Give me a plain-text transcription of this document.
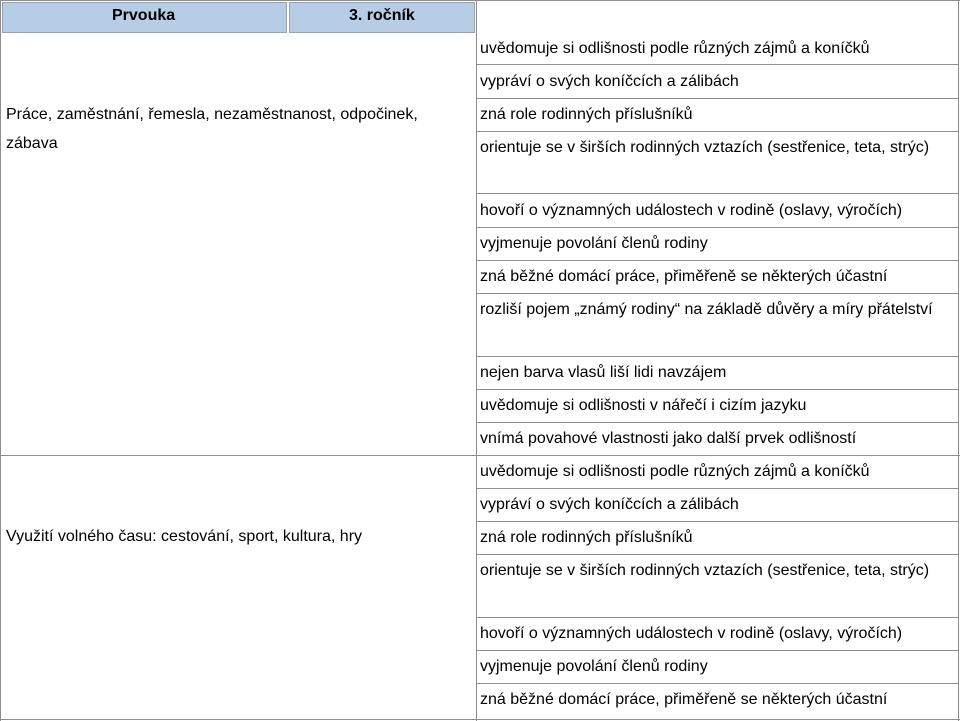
Prvouka	3. ročník
Práce, zaměstnání, řemesla, nezaměstnanost, odpočinek, zábava
Využití volného času: cestování, sport, kultura, hry
uvědomuje si odlišnosti podle různých zájmů a koníčků
vypráví o svých koníčcích a zálibách
zná role rodinných příslušníků
orientuje se v širších rodinných vztazích (sestřenice, teta, strýc)
hovoří o významných událostech v rodině (oslavy, výročích)
vyjmenuje povolání členů rodiny
zná běžné domácí práce, přiměřeně se některých účastní
rozliší pojem „známý rodiny“ na základě důvěry a míry přátelství
nejen barva vlasů liší lidi navzájem
uvědomuje si odlišnosti v nářečí i cizím jazyku
vnímá povahové vlastnosti jako další prvek odlišností
uvědomuje si odlišnosti podle různých zájmů a koníčků
vypráví o svých koníčcích a zálibách
zná role rodinných příslušníků
orientuje se v širších rodinných vztazích (sestřenice, teta, strýc)
hovoří o významných událostech v rodině (oslavy, výročích)
vyjmenuje povolání členů rodiny
zná běžné domácí práce, přiměřeně se některých účastní
